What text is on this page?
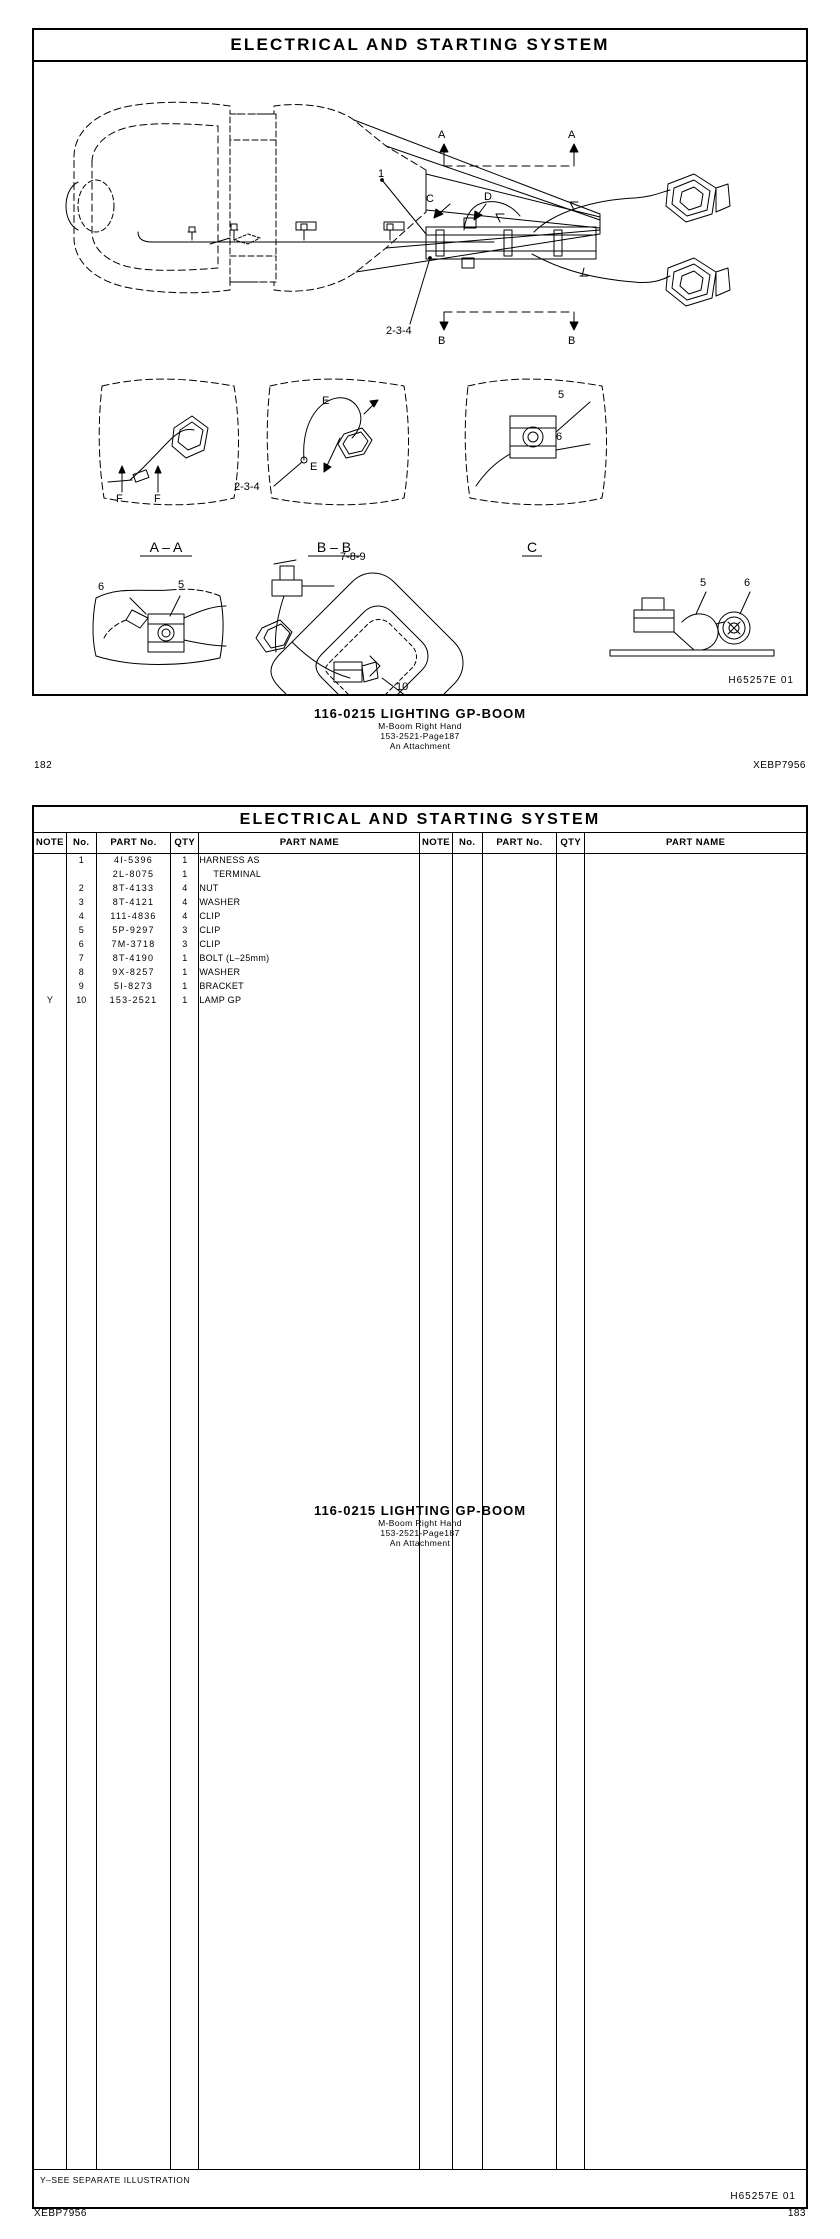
ELECTRICAL AND STARTING SYSTEM
1
2-3-4
A	A
B	B
C	D
F	F
2-3-4
E
E
5
6
6	5
7-8-9
10
5	6
A – A	B – B	C
H65257E 01
116-0215 LIGHTING GP-BOOM
M-Boom Right Hand
153-2521-Page187
An Attachment
182	XEBP7956
ELECTRICAL AND STARTING SYSTEM
NOTE	No.	PART No.	QTY	PART NAME	NOTE	No.	PART No.	QTY	PART NAME
	1	4I-5396	1	HARNESS AS					
		2L-8075	1	TERMINAL					
	2	8T-4133	4	NUT					
	3	8T-4121	4	WASHER					
	4	111-4836	4	CLIP					
	5	5P-9297	3	CLIP					
	6	7M-3718	3	CLIP					
	7	8T-4190	1	BOLT (L–25mm)					
	8	9X-8257	1	WASHER					
	9	5I-8273	1	BRACKET					
Y	10	153-2521	1	LAMP GP					

Y–SEE SEPARATE ILLUSTRATION
H65257E 01
116-0215 LIGHTING GP-BOOM
M-Boom Right Hand
153-2521-Page187
An Attachment
XEBP7956	183
